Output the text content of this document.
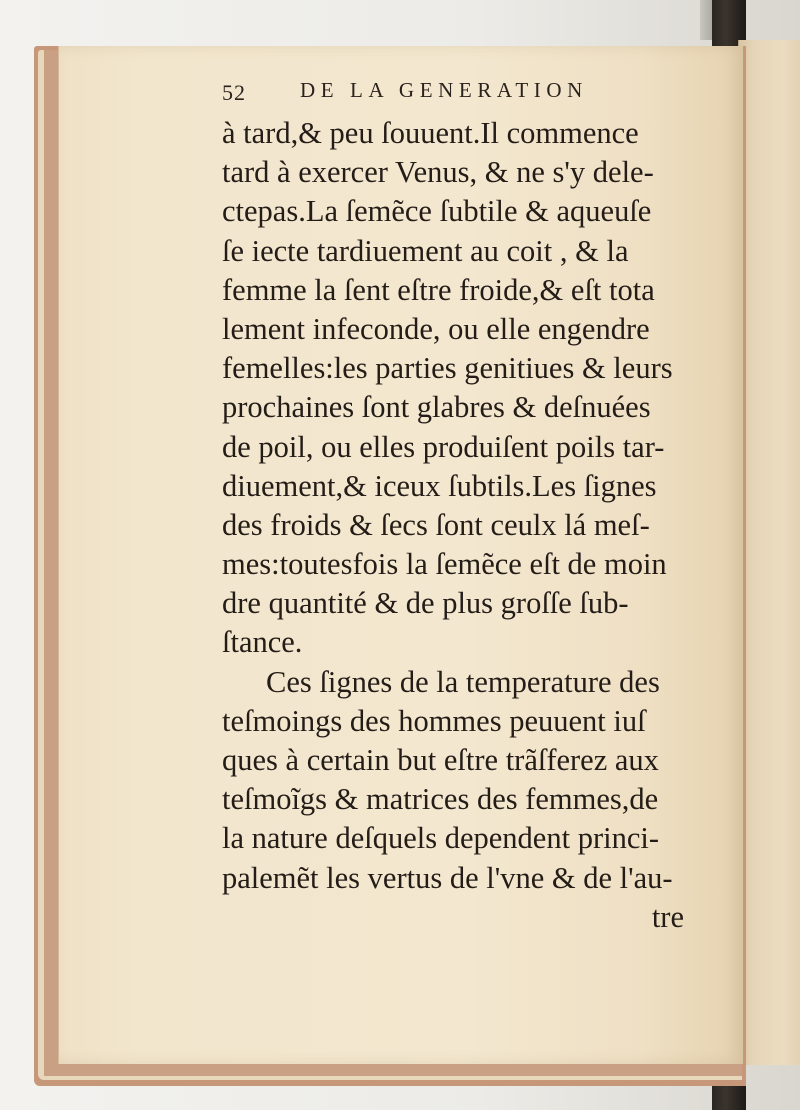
52	DE LA GENERATION
à tard,& peu ſouuent.Il commence
tard à exercer Venus, & ne s'y dele-
ctepas.La ſemẽce ſubtile & aqueuſe
ſe iecte tardiuement au coit , & la
femme la ſent eſtre froide,& eſt tota
lement infeconde, ou elle engendre
femelles:les parties genitiues & leurs
prochaines ſont glabres & deſnuées
de poil, ou elles produiſent poils tar-
diuement,& iceux ſubtils.Les ſignes
des froids & ſecs ſont ceulx lá meſ-
mes:toutesfois la ſemẽce eſt de moin
dre quantité & de plus groſſe ſub-
ſtance.
Ces ſignes de la temperature des
teſmoings des hommes peuuent iuſ
ques à certain but eſtre trãſferez aux
teſmoĩgs & matrices des femmes,de
la nature deſquels dependent princi-
palemẽt les vertus de l'vne & de l'au-
tre
